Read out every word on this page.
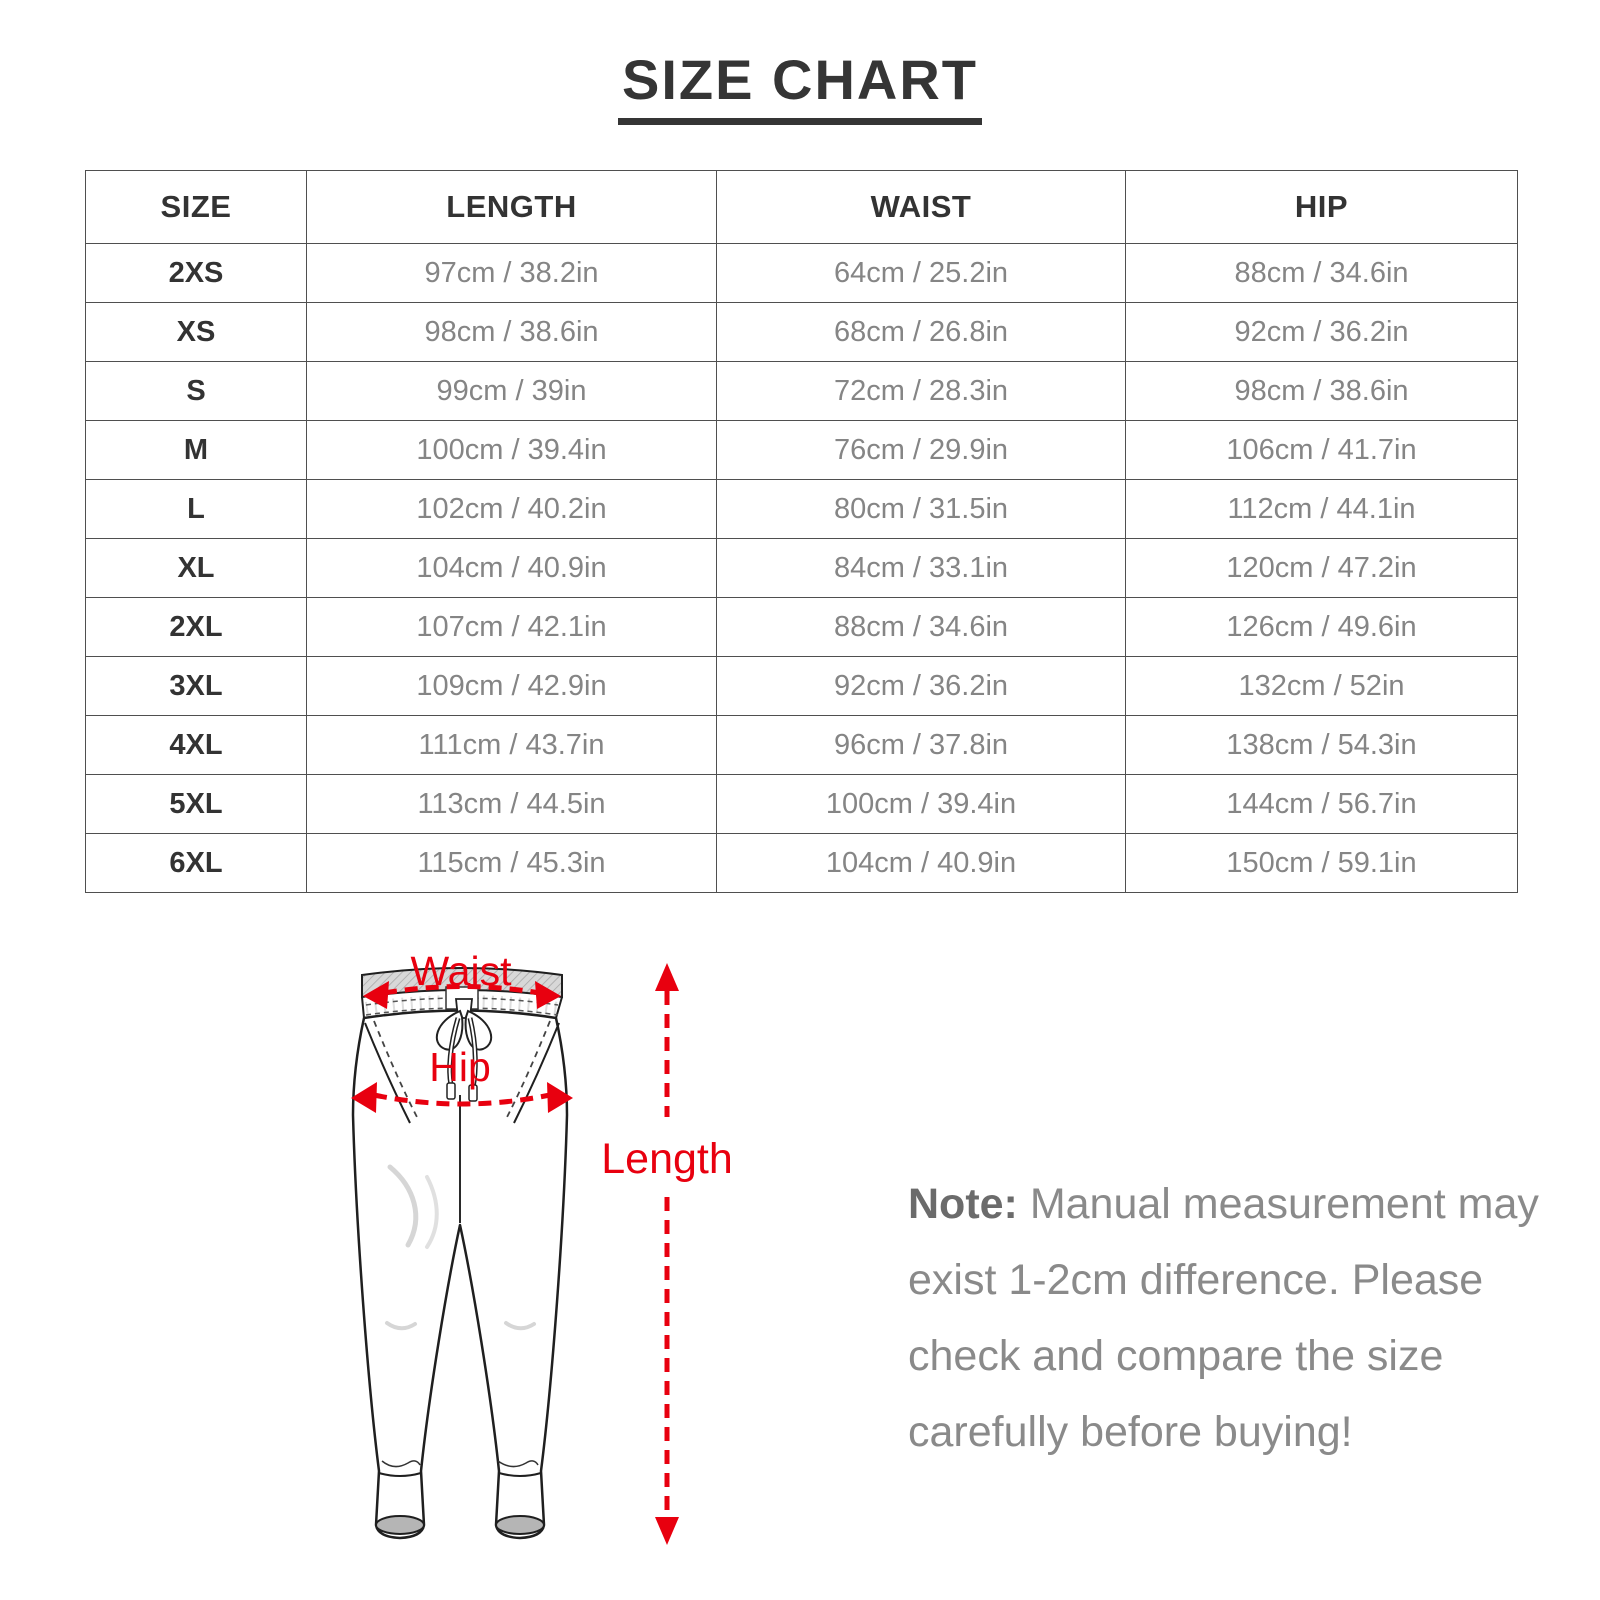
SIZE CHART
SIZE	LENGTH	WAIST	HIP
2XS	97cm / 38.2in	64cm / 25.2in	88cm / 34.6in
XS	98cm / 38.6in	68cm / 26.8in	92cm / 36.2in
S	99cm / 39in	72cm / 28.3in	98cm / 38.6in
M	100cm / 39.4in	76cm / 29.9in	106cm / 41.7in
L	102cm / 40.2in	80cm / 31.5in	112cm / 44.1in
XL	104cm / 40.9in	84cm / 33.1in	120cm / 47.2in
2XL	107cm / 42.1in	88cm / 34.6in	126cm / 49.6in
3XL	109cm / 42.9in	92cm / 36.2in	132cm / 52in
4XL	111cm / 43.7in	96cm / 37.8in	138cm / 54.3in
5XL	113cm / 44.5in	100cm / 39.4in	144cm / 56.7in
6XL	115cm / 45.3in	104cm / 40.9in	150cm / 59.1in
Waist
Hip
Length
Note: Manual measurement may
exist 1-2cm difference. Please
check and compare the size
carefully before buying!
